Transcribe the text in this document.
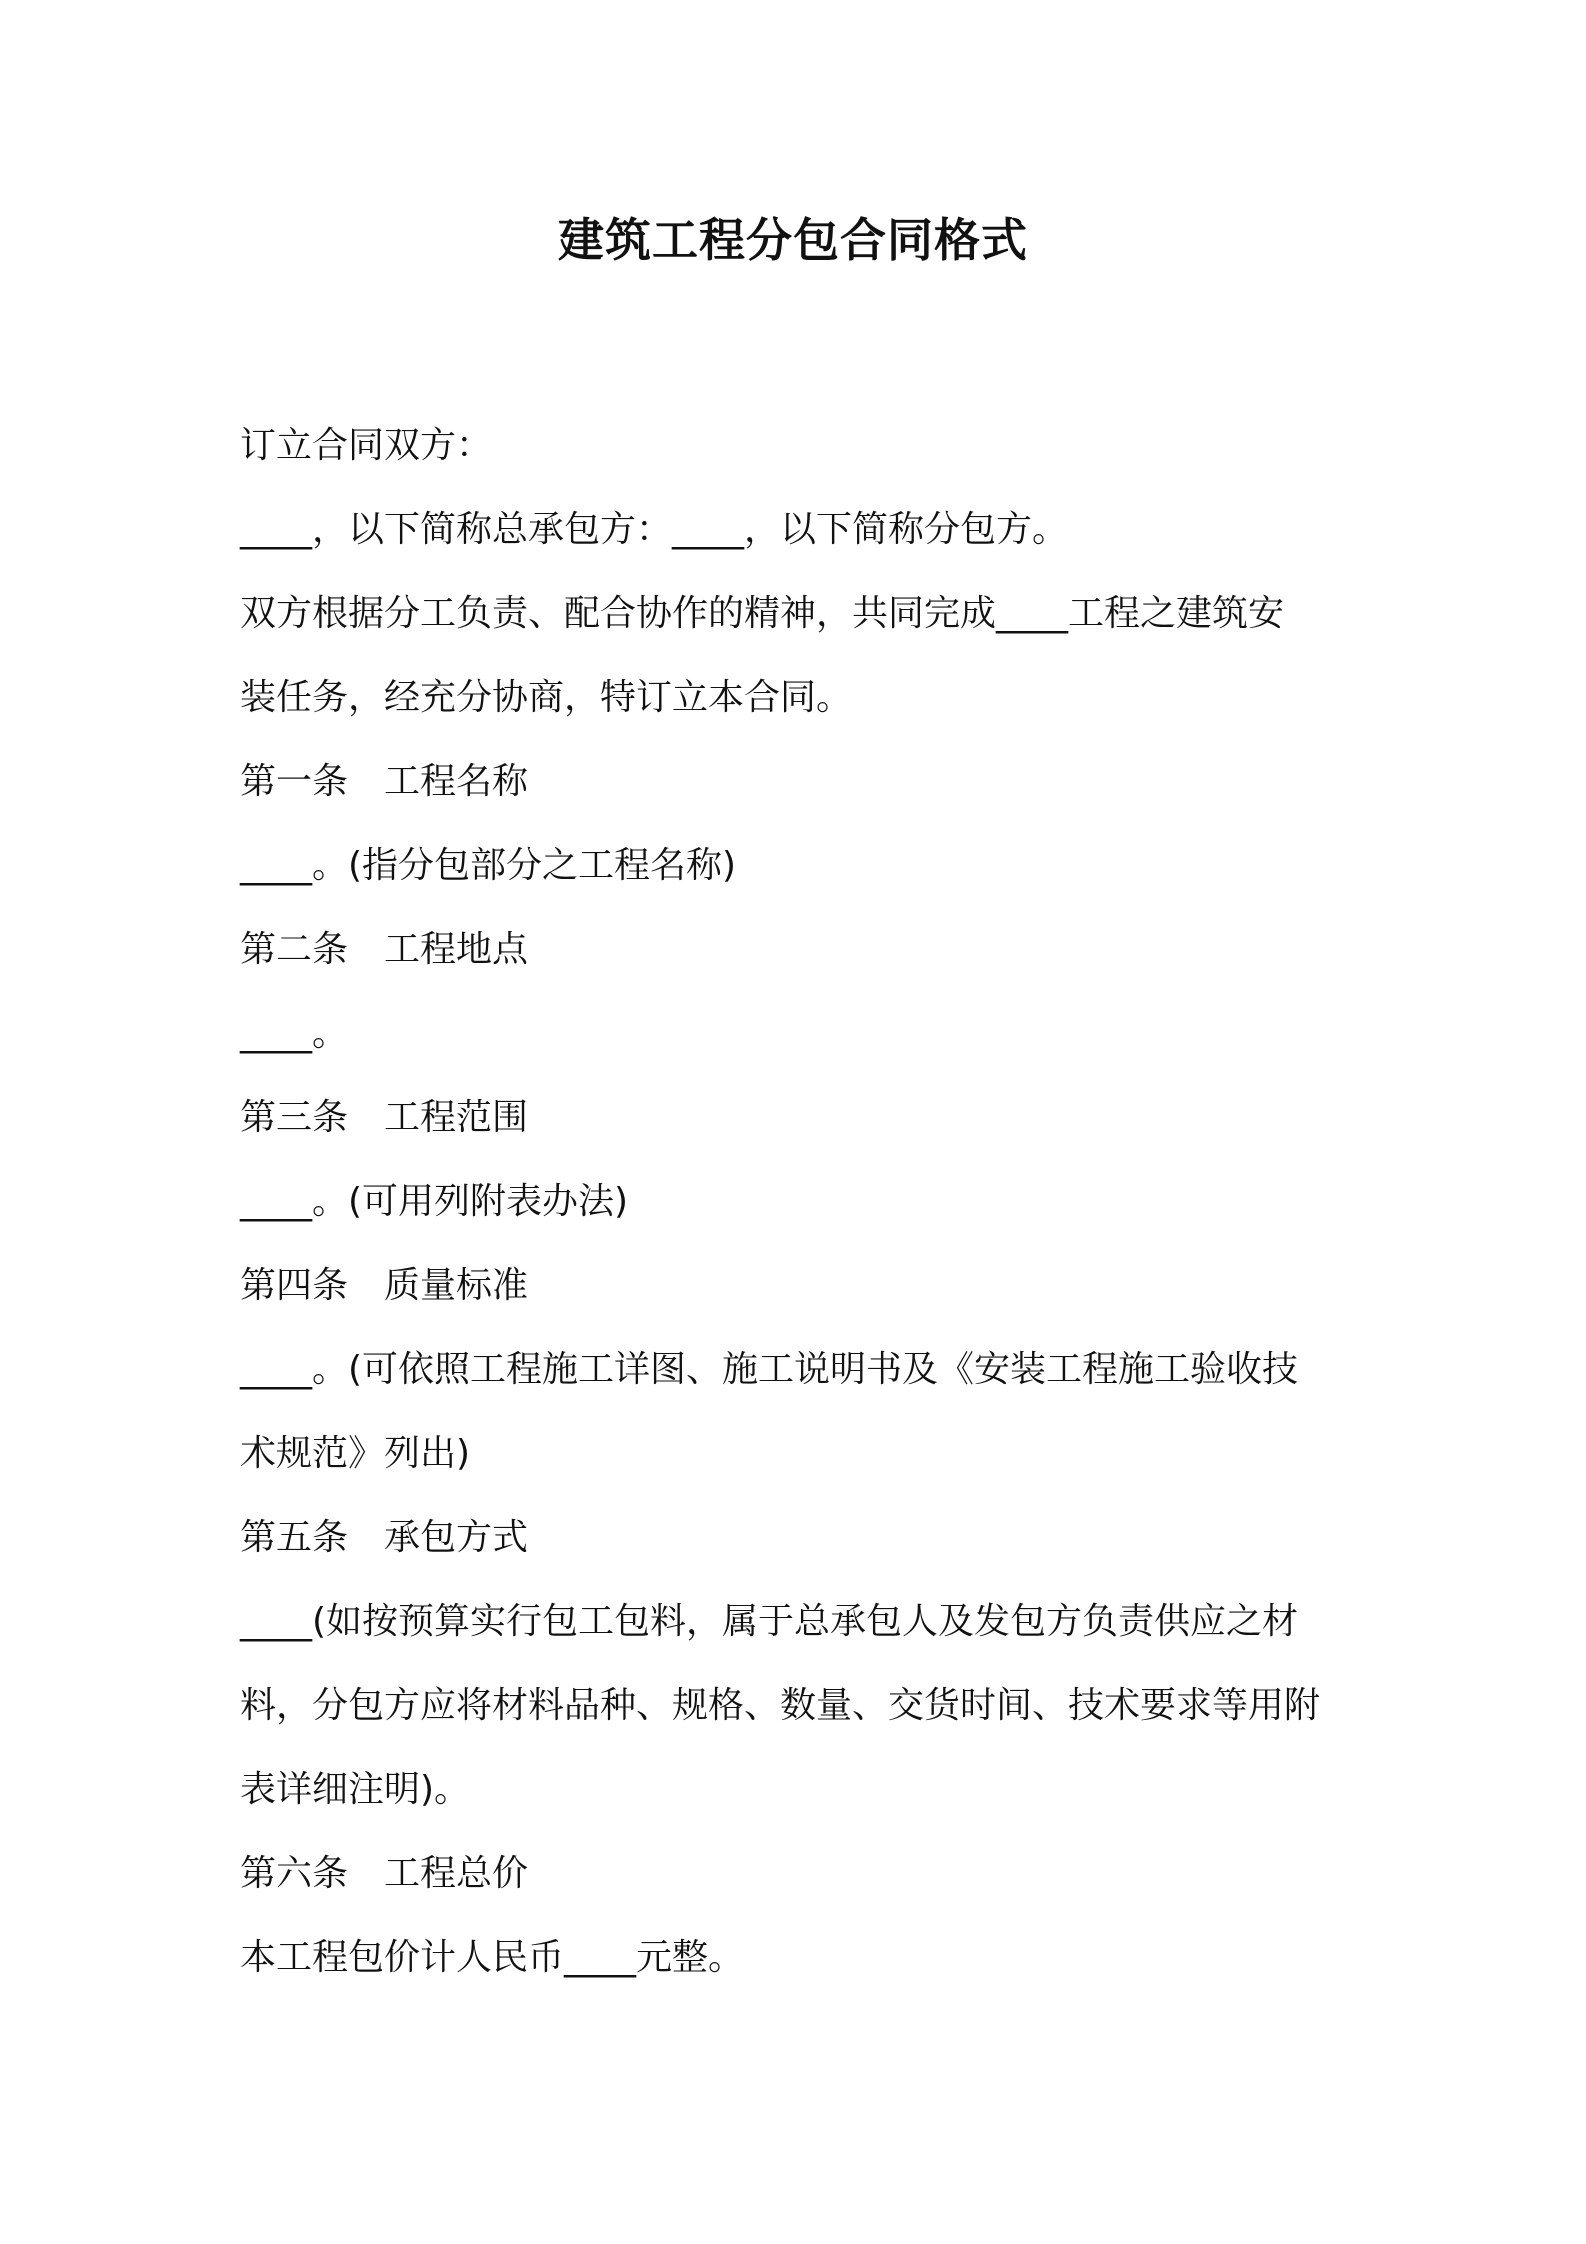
建筑工程分包合同格式

订立合同双方：

____，以下简称总承包方：____，以下简称分包方。

双方根据分工负责、配合协作的精神，共同完成____工程之建筑安

装任务，经充分协商，特订立本合同。

第一条　工程名称

____。(指分包部分之工程名称)

第二条　工程地点

____。

第三条　工程范围

____。(可用列附表办法)

第四条　质量标准

____。(可依照工程施工详图、施工说明书及《安装工程施工验收技

术规范》列出)

第五条　承包方式

____(如按预算实行包工包料，属于总承包人及发包方负责供应之材

料，分包方应将材料品种、规格、数量、交货时间、技术要求等用附

表详细注明)。

第六条　工程总价

本工程包价计人民币____元整。
